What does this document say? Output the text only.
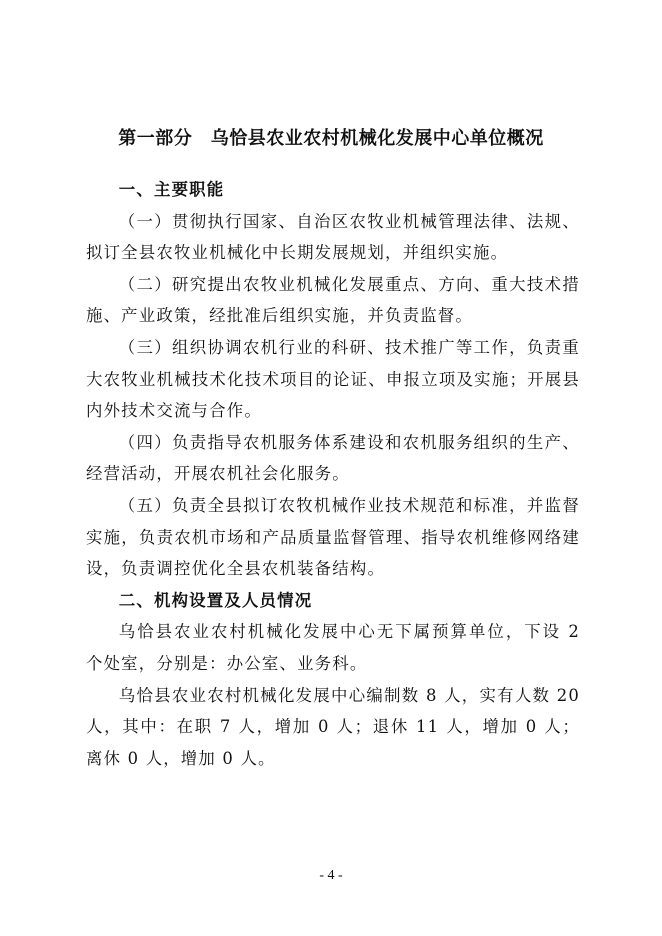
第一部分　乌恰县农业农村机械化发展中心单位概况
一、主要职能

（一）贯彻执行国家、自治区农牧业机械管理法律、法规、拟订全县农牧业机械化中长期发展规划，并组织实施。

（二）研究提出农牧业机械化发展重点、方向、重大技术措施、产业政策，经批准后组织实施，并负责监督。

（三）组织协调农机行业的科研、技术推广等工作，负责重大农牧业机械技术化技术项目的论证、申报立项及实施；开展县内外技术交流与合作。

（四）负责指导农机服务体系建设和农机服务组织的生产、经营活动，开展农机社会化服务。

（五）负责全县拟订农牧机械作业技术规范和标准，并监督实施，负责农机市场和产品质量监督管理、指导农机维修网络建设，负责调控优化全县农机装备结构。

二、机构设置及人员情况

乌恰县农业农村机械化发展中心无下属预算单位，下设 2 个处室，分别是：办公室、业务科。

乌恰县农业农村机械化发展中心编制数 8 人，实有人数 20 人，其中：在职 7 人，增加 0 人；退休 11 人，增加 0 人；离休 0 人，增加 0 人。

- 4 -
